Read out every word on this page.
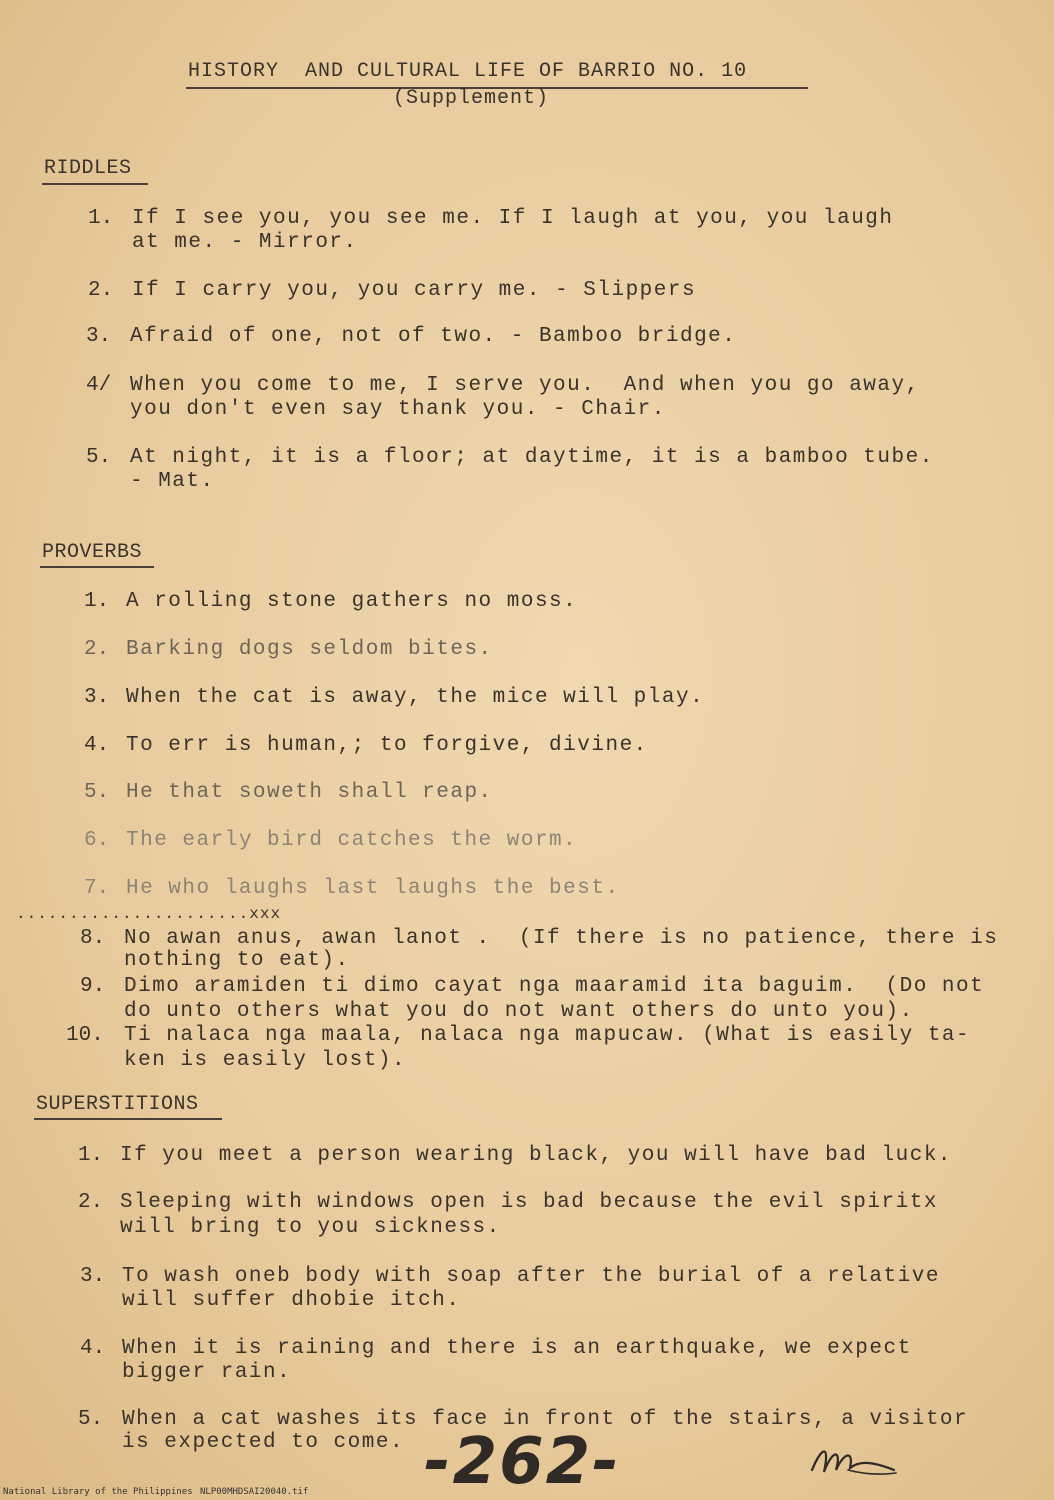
HISTORY  AND CULTURAL LIFE OF BARRIO NO. 10
(Supplement)
RIDDLES
1. If I see you, you see me. If I laugh at you, you laugh
at me. - Mirror.
2. If I carry you, you carry me. - Slippers
3. Afraid of one, not of two. - Bamboo bridge.
4/ When you come to me, I serve you.  And when you go away,
you don't even say thank you. - Chair.
5. At night, it is a floor; at daytime, it is a bamboo tube.
- Mat.
PROVERBS
1. A rolling stone gathers no moss.
2. Barking dogs seldom bites.
3. When the cat is away, the mice will play.
4. To err is human,; to forgive, divine.
5. He that soweth shall reap.
6. The early bird catches the worm.
7. He who laughs last laughs the best.
......................xxx
8. No awan anus, awan lanot .  (If there is no patience, there is
nothing to eat).
9. Dimo aramiden ti dimo cayat nga maaramid ita baguim.  (Do not
do unto others what you do not want others do unto you).
10. Ti nalaca nga maala, nalaca nga mapucaw. (What is easily ta-
ken is easily lost).
SUPERSTITIONS
1. If you meet a person wearing black, you will have bad luck.
2. Sleeping with windows open is bad because the evil spiritx
will bring to you sickness.
3. To wash oneb body with soap after the burial of a relative
will suffer dhobie itch.
4. When it is raining and there is an earthquake, we expect
bigger rain.
5. When a cat washes its face in front of the stairs, a visitor
is expected to come. -262-
National Library of the Philippines NLP00MHDSAI20040.tif
